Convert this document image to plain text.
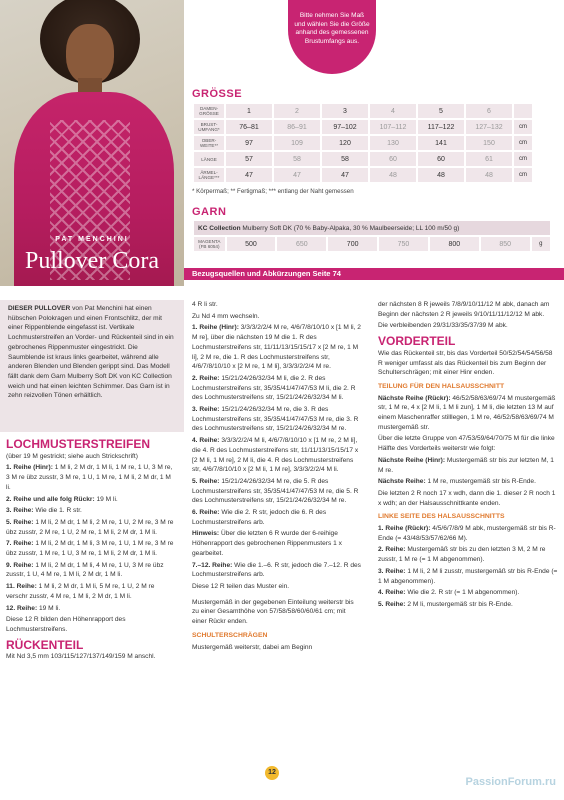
PAT MENCHINI
Pullover Cora
Bitte nehmen Sie Maß und wählen Sie die Größe anhand des gemessenen Brustumfangs aus.
GRÖSSE
DAMEN-GRÖSSE	1	2	3	4	5	6	
BRUST-UMFANG*	76–81	86–91	97–102	107–112	117–122	127–132	cm
OBER-WEITE**	97	109	120	130	141	150	cm
LÄNGE	57	58	58	60	60	61	cm
ÄRMEL-LÄNGE***	47	47	47	48	48	48	cm
* Körpermaß; ** Fertigmaß; *** entlang der Naht gemessen
GARN
KC Collection Mulberry Soft DK (70 % Baby-Alpaka, 30 % Maulbeerseide; LL 100 m/50 g)
MAGENTA (FB 6054)	500	650	700	750	800	850	g
Bezugsquellen und Abkürzungen Seite 74
DIESER PULLOVER von Pat Menchini hat einen hübschen Polokragen und einen Frontschlitz, der mit einer Rippenblende eingefasst ist. Vertikale Lochmusterstreifen an Vorder- und Rückenteil sind in ein gebrochenes Rippenmuster eingestrickt. Die Saumblende ist kraus links gearbeitet, während alle anderen Blenden und Blenden gerippt sind. Das Modell fällt dank dem Garn Mulberry Soft DK von KC Collection weich und hat einen leichten Schimmer. Das Garn ist in zehn reizvollen Tönen erhältlich.
LOCHMUSTERSTREIFEN
(über 19 M gestrickt; siehe auch Strickschrift)
1. Reihe (Hinr): 1 M li, 2 M dr, 1 M li, 1 M re, 1 U, 3 M re, 3 M re übz zusstr, 3 M re, 1 U, 1 M re, 1 M li, 2 M dr, 1 M li.
2. Reihe und alle folg Rückr: 19 M li.
3. Reihe: Wie die 1. R str.
5. Reihe: 1 M li, 2 M dr, 1 M li, 2 M re, 1 U, 2 M re, 3 M re übz zusstr, 2 M re, 1 U, 2 M re, 1 M li, 2 M dr, 1 M li.
7. Reihe: 1 M li, 2 M dr, 1 M li, 3 M re, 1 U, 1 M re, 3 M re übz zusstr, 1 M re, 1 U, 3 M re, 1 M li, 2 M dr, 1 M li.
9. Reihe: 1 M li, 2 M dr, 1 M li, 4 M re, 1 U, 3 M re übz zusstr, 1 U, 4 M re, 1 M li, 2 M dr, 1 M li.
11. Reihe: 1 M li, 2 M dr, 1 M li, 5 M re, 1 U, 2 M re verschr zusstr, 4 M re, 1 M li, 2 M dr, 1 M li.
12. Reihe: 19 M li.
Diese 12 R bilden den Höhenrapport des Lochmusterstreifens.
RÜCKENTEIL
Mit Nd 3,5 mm 103/115/127/137/149/159 M anschl.
4 R li str.
Zu Nd 4 mm wechseln.
1. Reihe (Hinr): 3/3/3/2/2/4 M re, 4/6/7/8/10/10 x [1 M li, 2 M re], über die nächsten 19 M die 1. R des Lochmusterstreifens str, 11/11/13/15/15/17 x [2 M re, 1 M li], 2 M re, die 1. R des Lochmusterstreifens str, 4/6/7/8/10/10 x [2 M re, 1 M li], 3/3/3/2/2/4 M re.
2. Reihe: 15/21/24/26/32/34 M li, die 2. R des Lochmusterstreifens str, 35/35/41/47/47/53 M li, die 2. R des Lochmusterstreifens str, 15/21/24/26/32/34 M li.
3. Reihe: 15/21/24/26/32/34 M re, die 3. R des Lochmusterstreifens str, 35/35/41/47/47/53 M re, die 3. R des Lochmusterstreifens str, 15/21/24/26/32/34 M re.
4. Reihe: 3/3/3/2/2/4 M li, 4/6/7/8/10/10 x [1 M re, 2 M li], die 4. R des Lochmusterstreifens str, 11/11/13/15/15/17 x [2 M li, 1 M re], 2 M li, die 4. R des Lochmusterstreifens str, 4/6/7/8/10/10 x [2 M li, 1 M re], 3/3/3/2/2/4 M li.
5. Reihe: 15/21/24/26/32/34 M re, die 5. R des Lochmusterstreifens str, 35/35/41/47/47/53 M re, die 5. R des Lochmusterstreifens str, 15/21/24/26/32/34 M re.
6. Reihe: Wie die 2. R str, jedoch die 6. R des Lochmusterstreifens arb.
Hinweis: Über die letzten 6 R wurde der 6-reihige Höhenrapport des gebrochenen Rippenmusters 1 x gearbeitet.
7.–12. Reihe: Wie die 1.–6. R str, jedoch die 7.–12. R des Lochmusterstreifens arb.
Diese 12 R teilen das Muster ein.
Mustergemäß in der gegebenen Einteilung weiterstr bis zu einer Gesamthöhe von 57/58/58/60/60/61 cm; mit einer Rückr enden.
SCHULTERSCHRÄGEN
Mustergemäß weiterstr, dabei am Beginn
der nächsten 8 R jeweils 7/8/9/10/11/12 M abk, danach am Beginn der nächsten 2 R jeweils 9/10/11/11/12/12 M abk.
Die verbleibenden 29/31/33/35/37/39 M abk.
VORDERTEIL
Wie das Rückenteil str, bis das Vorderteil 50/52/54/54/56/58 R weniger umfasst als das Rückenteil bis zum Beginn der Schulterschrägen; mit einer Hinr enden.
TEILUNG FÜR DEN HALSAUSSCHNITT
Nächste Reihe (Rückr): 46/52/58/63/69/74 M mustergemäß str, 1 M re, 4 x [2 M li, 1 M li zun], 1 M li, die letzten 13 M auf einem Maschenraffer stilllegen, 1 M re, 46/52/58/63/69/74 M mustergemäß str.
Über die letzte Gruppe von 47/53/59/64/70/75 M für die linke Hälfte des Vorderteils weiterstr wie folgt:
Nächste Reihe (Hinr): Mustergemäß str bis zur letzten M, 1 M re.
Nächste Reihe: 1 M re, mustergemäß str bis R-Ende.
Die letzten 2 R noch 17 x wdh, dann die 1. dieser 2 R noch 1 x wdh; an der Halsausschnittkante enden.
LINKE SEITE DES HALSAUSSCHNITTS
1. Reihe (Rückr): 4/5/6/7/8/9 M abk, mustergemäß str bis R-Ende (= 43/48/53/57/62/66 M).
2. Reihe: Mustergemäß str bis zu den letzten 3 M, 2 M re zusstr, 1 M re (= 1 M abgenommen).
3. Reihe: 1 M li, 2 M li zusstr, mustergemäß str bis R-Ende (= 1 M abgenommen).
4. Reihe: Wie die 2. R str (= 1 M abgenommen).
5. Reihe: 2 M li, mustergemäß str bis R-Ende.
12
PassionForum.ru
